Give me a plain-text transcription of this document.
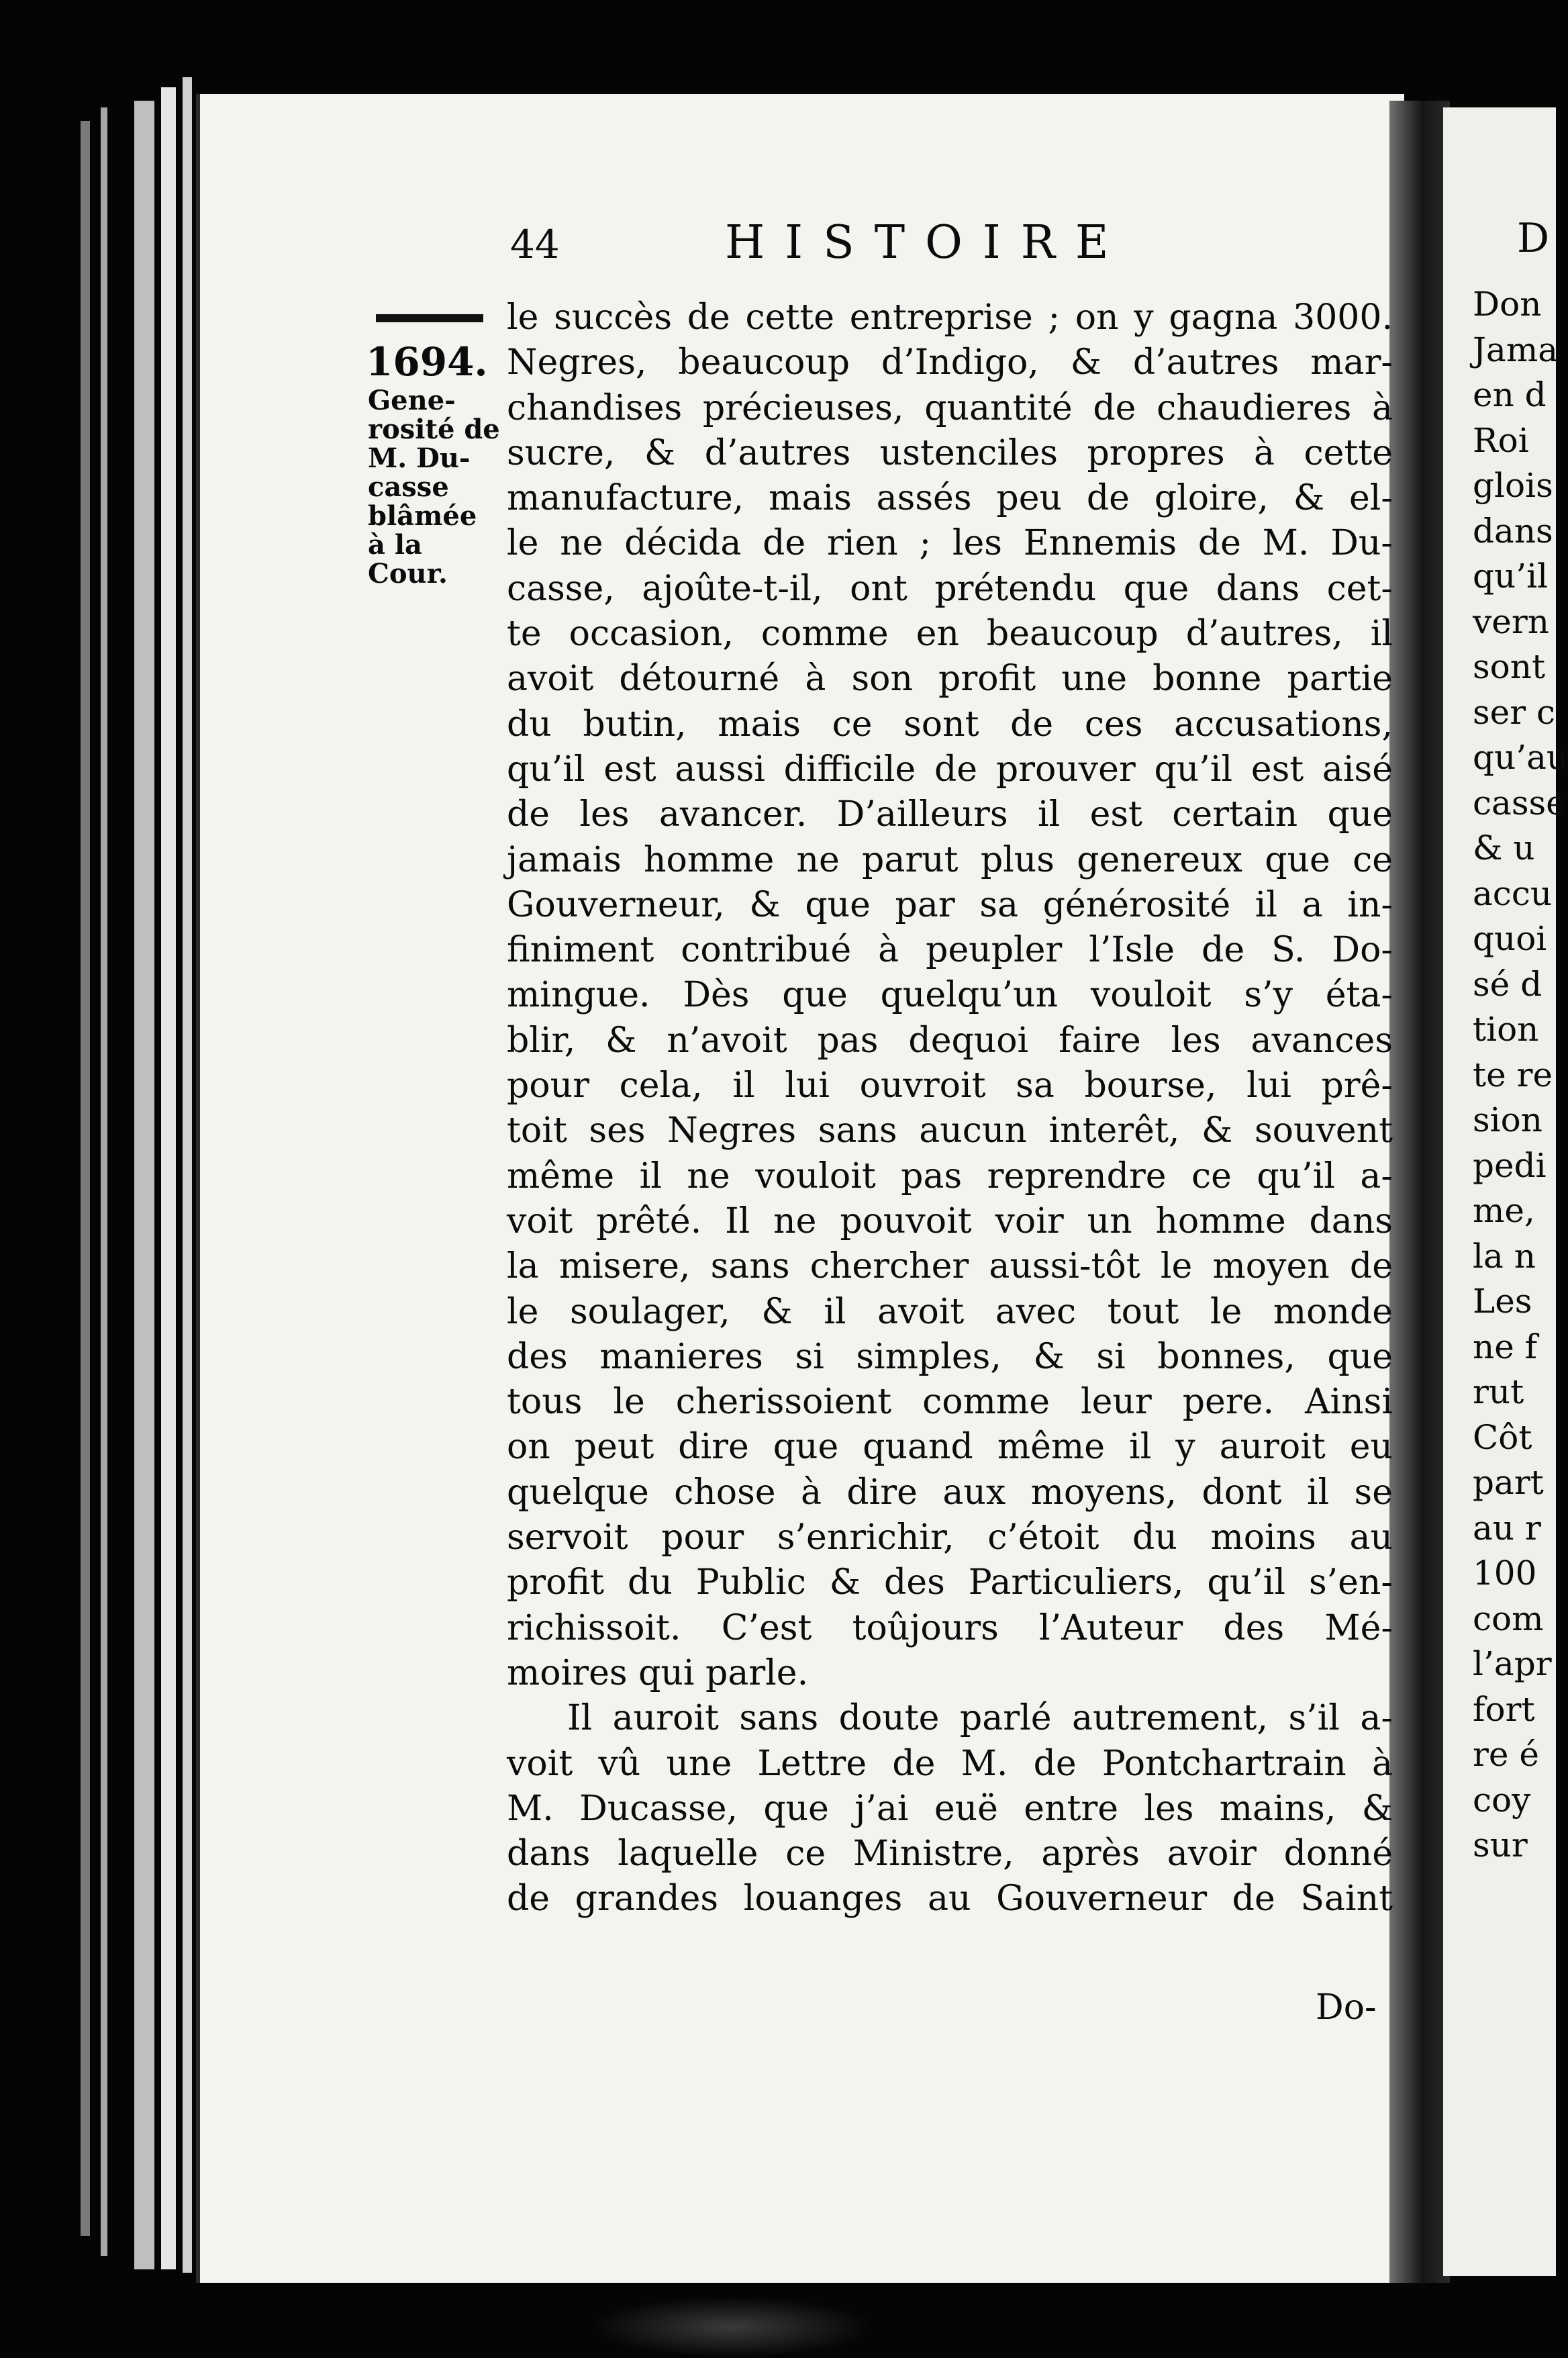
D
Don
Jama
en d
Roi
glois
dans
qu’il
vern
sont
ser c
qu’au
casse
& u
accu
quoi
sé d
tion
te re
sion
pedi
me,
la n
Les
ne f
rut
Côt
part
au r
100
com
l’apr
fort
re é
coy
sur
44	HISTOIRE
1694.
Gene-
rosité de
M. Du-
casse
blâmée
à la
Cour.
le succès de cette entreprise ; on y gagna 3000.
Negres, beaucoup d’Indigo, & d’autres mar-
chandises précieuses, quantité de chaudieres à
sucre, & d’autres ustenciles propres à cette
manufacture, mais assés peu de gloire, & el-
le ne décida de rien ; les Ennemis de M. Du-
casse, ajoûte-t-il, ont prétendu que dans cet-
te occasion, comme en beaucoup d’autres, il
avoit détourné à son profit une bonne partie
du butin, mais ce sont de ces accusations,
qu’il est aussi difficile de prouver qu’il est aisé
de les avancer. D’ailleurs il est certain que
jamais homme ne parut plus genereux que ce
Gouverneur, & que par sa générosité il a in-
finiment contribué à peupler l’Isle de S. Do-
mingue. Dès que quelqu’un vouloit s’y éta-
blir, & n’avoit pas dequoi faire les avances
pour cela, il lui ouvroit sa bourse, lui prê-
toit ses Negres sans aucun interêt, & souvent
même il ne vouloit pas reprendre ce qu’il a-
voit prêté. Il ne pouvoit voir un homme dans
la misere, sans chercher aussi-tôt le moyen de
le soulager, & il avoit avec tout le monde
des manieres si simples, & si bonnes, que
tous le cherissoient comme leur pere. Ainsi
on peut dire que quand même il y auroit eu
quelque chose à dire aux moyens, dont il se
servoit pour s’enrichir, c’étoit du moins au
profit du Public & des Particuliers, qu’il s’en-
richissoit. C’est toûjours l’Auteur des Mé-
moires qui parle.
Il auroit sans doute parlé autrement, s’il a-
voit vû une Lettre de M. de Pontchartrain à
M. Ducasse, que j’ai euë entre les mains, &
dans laquelle ce Ministre, après avoir donné
de grandes louanges au Gouverneur de Saint
Do-
